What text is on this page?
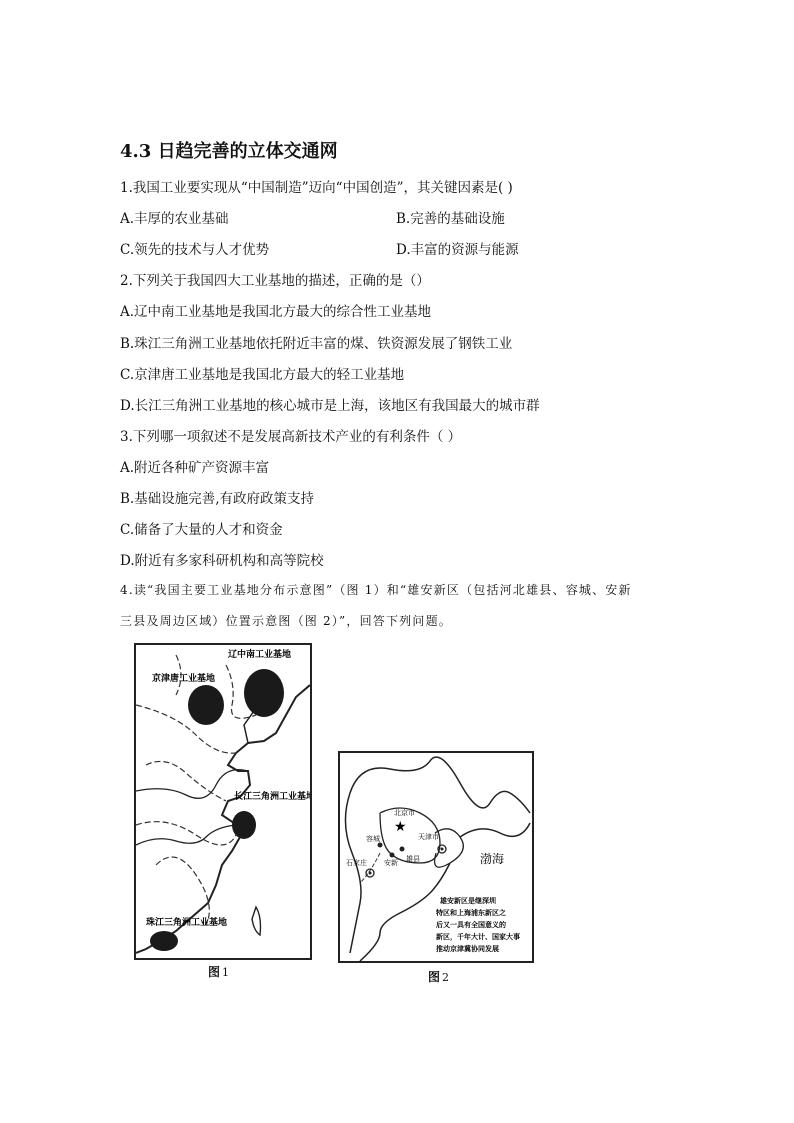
4.3 日趋完善的立体交通网
1.我国工业要实现从“中国制造”迈向“中国创造”，其关键因素是( )
A.丰厚的农业基础	B.完善的基础设施
C.领先的技术与人才优势	D.丰富的资源与能源
2.下列关于我国四大工业基地的描述，正确的是（）
A.辽中南工业基地是我国北方最大的综合性工业基地
B.珠江三角洲工业基地依托附近丰富的煤、铁资源发展了钢铁工业
C.京津唐工业基地是我国北方最大的轻工业基地
D.长江三角洲工业基地的核心城市是上海，该地区有我国最大的城市群
3.下列哪一项叙述不是发展高新技术产业的有利条件（ ）
A.附近各种矿产资源丰富
B.基础设施完善,有政府政策支持
C.储备了大量的人才和资金
D.附近有多家科研机构和高等院校
4.读“我国主要工业基地分布示意图”（图 1）和“雄安新区（包括河北雄县、容城、安新
三县及周边区域）位置示意图（图 2）”，回答下列问题。
辽中南工业基地
京津唐工业基地
长江三角洲工业基地
珠江三角洲工业基地
图 1
★
北京市
天津市
容城
安新 雄县
石家庄	渤海
雄安新区是继深圳 特区和上海浦东新区之 后又一具有全国意义的 新区，千年大计、国家大事 推动京津冀协同发展
图 2
